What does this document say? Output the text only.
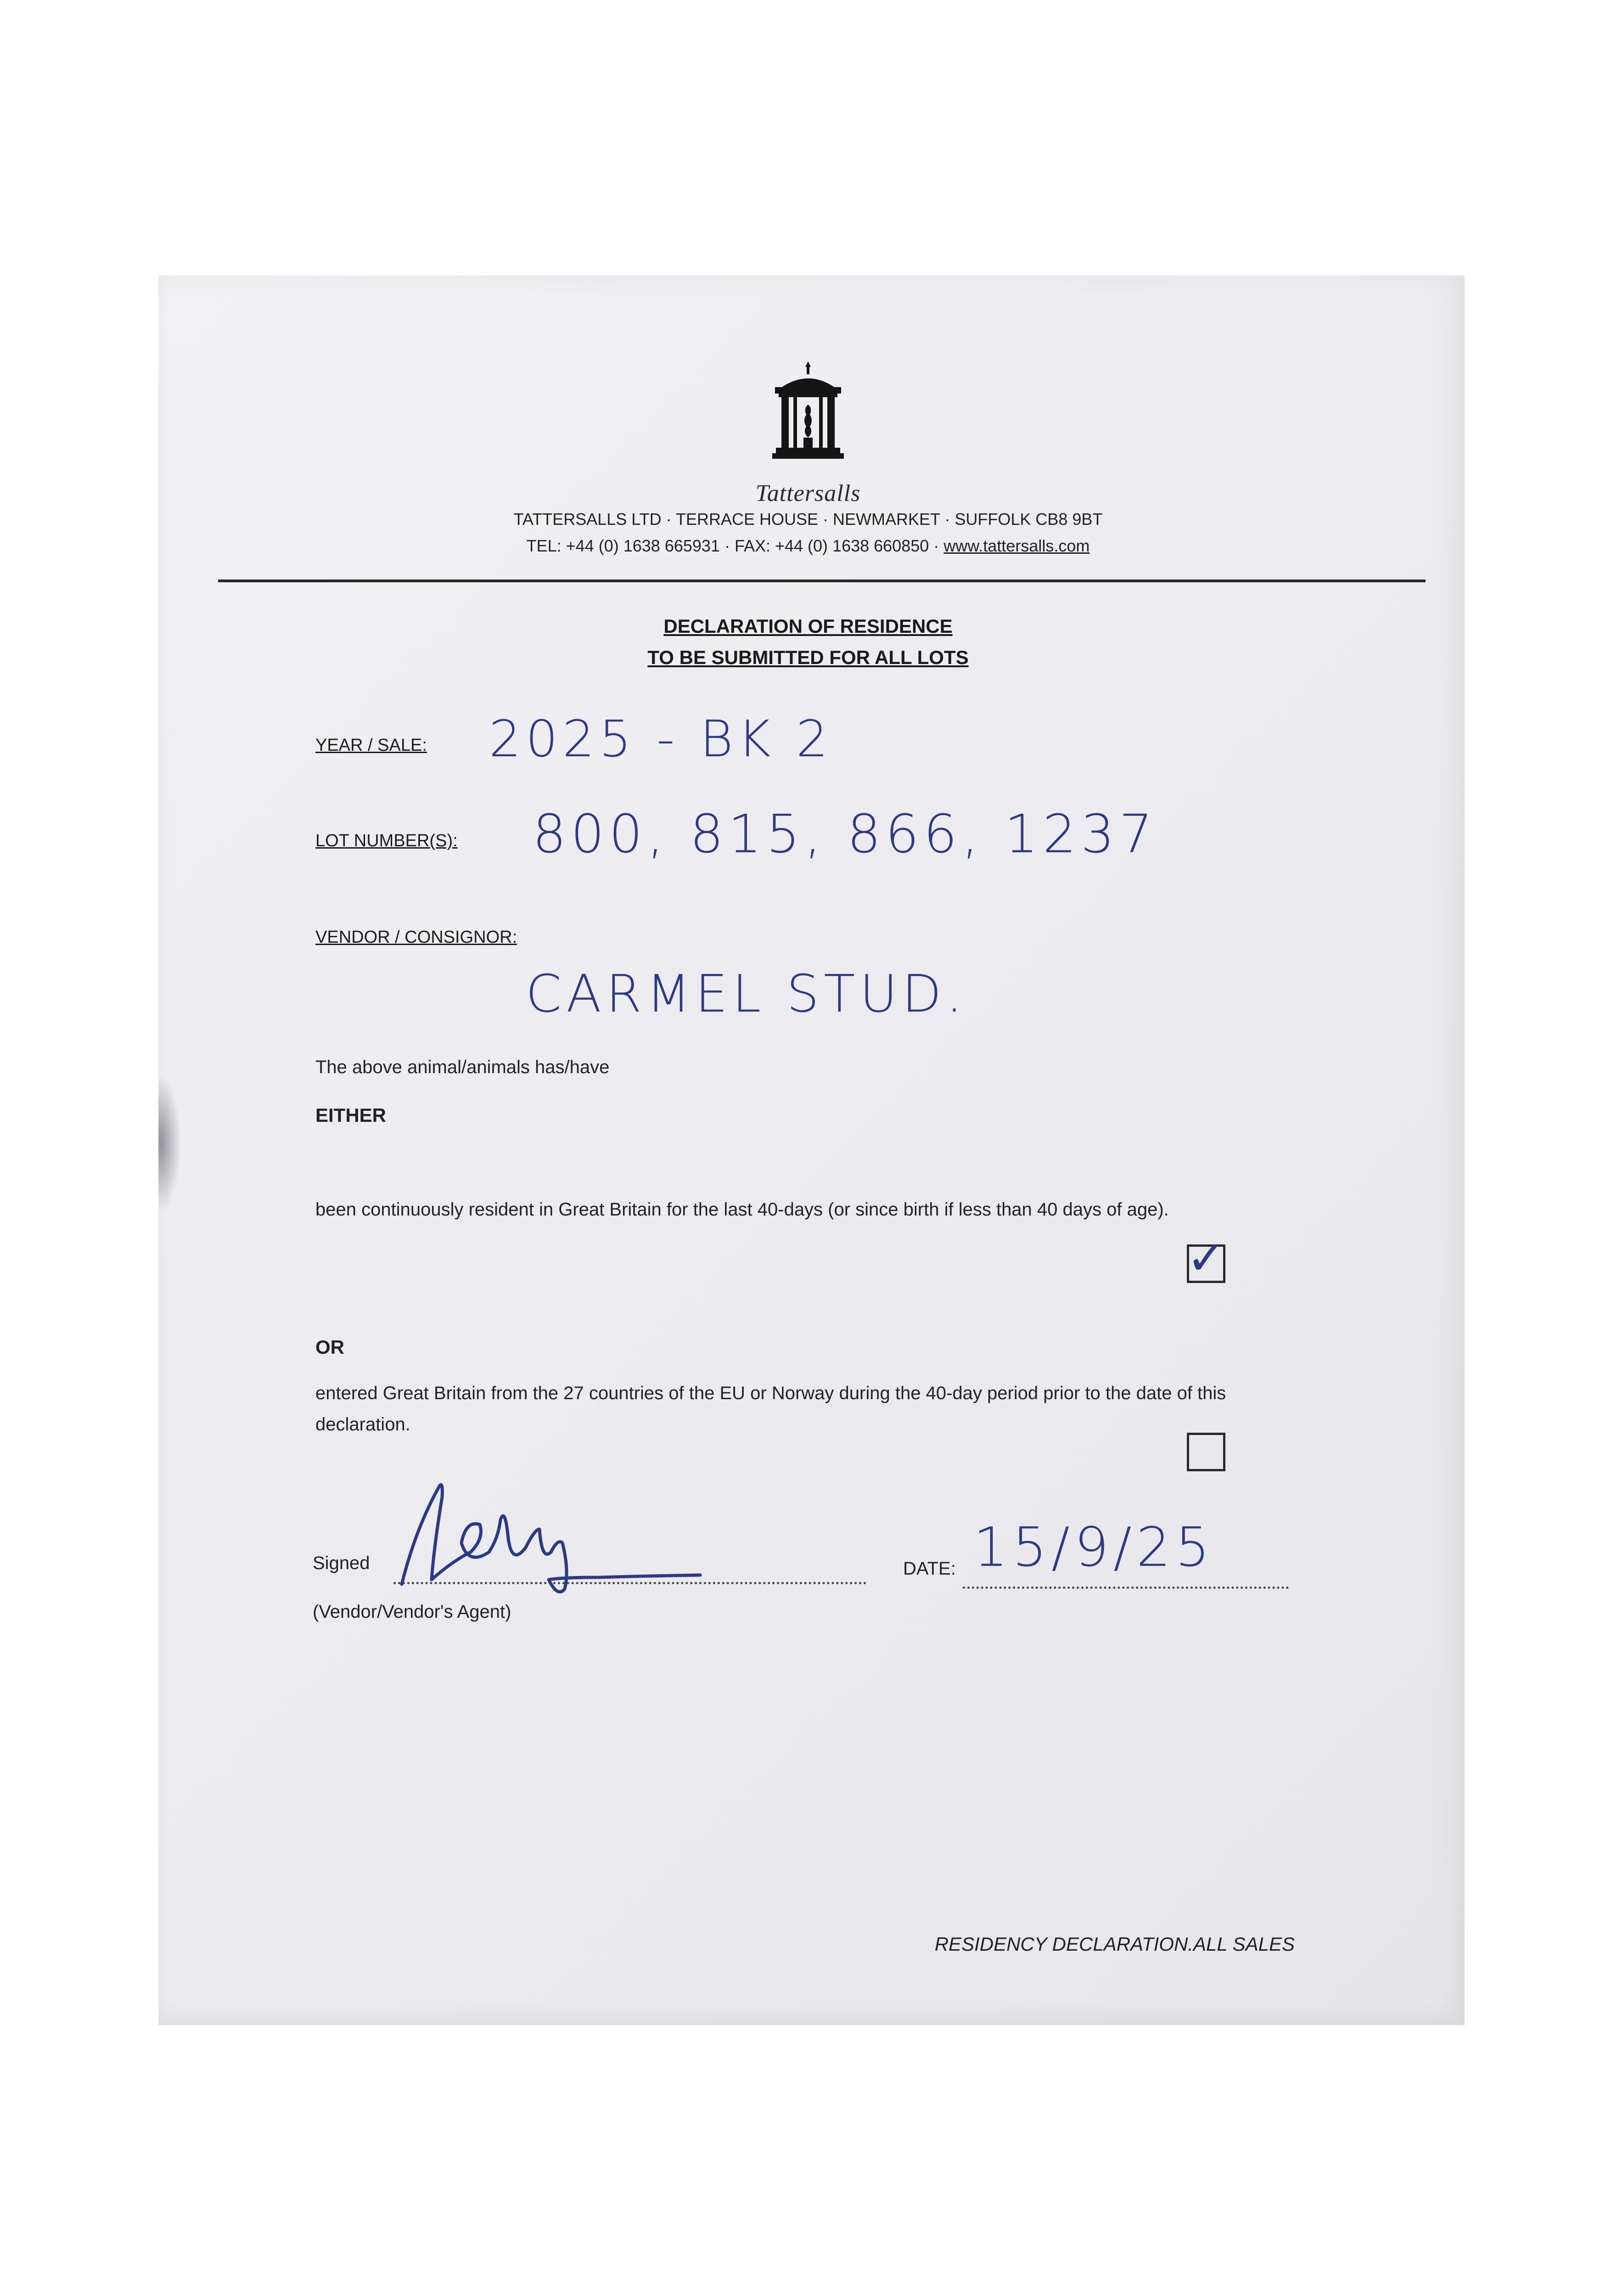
Tattersalls
TATTERSALLS LTD · TERRACE HOUSE · NEWMARKET · SUFFOLK CB8 9BT
TEL: +44 (0) 1638 665931 · FAX: +44 (0) 1638 660850 · www.tattersalls.com
DECLARATION OF RESIDENCE
TO BE SUBMITTED FOR ALL LOTS
YEAR / SALE: 2025 - BK 2
LOT NUMBER(S): 800, 815, 866, 1237
VENDOR / CONSIGNOR:
CARMEL STUD.
The above animal/animals has/have
EITHER
been continuously resident in Great Britain for the last 40-days (or since birth if less than 40 days of age).
✓
OR
entered Great Britain from the 27 countries of the EU or Norway during the 40-day period prior to the date of this declaration.
Signed
(Vendor/Vendor's Agent)
DATE: 15/9/25
RESIDENCY DECLARATION.ALL SALES
